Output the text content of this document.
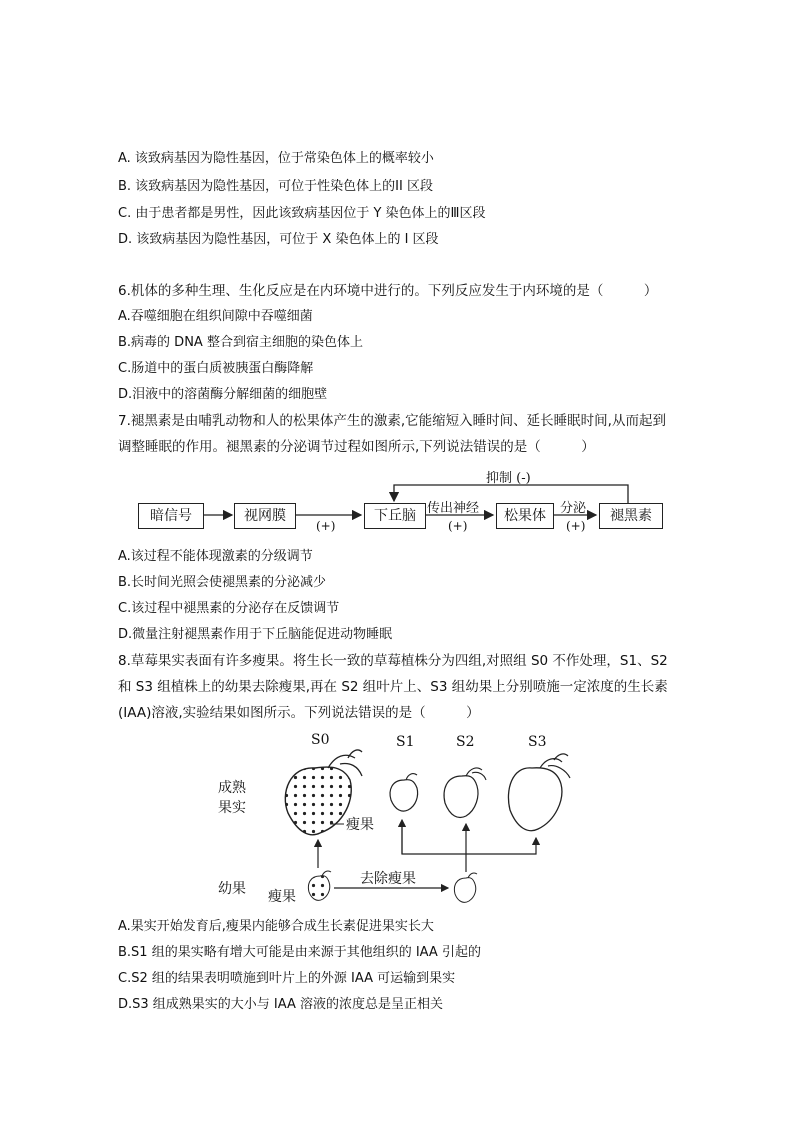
A. 该致病基因为隐性基因，位于常染色体上的概率较小
B. 该致病基因为隐性基因，可位于性染色体上的II 区段
C. 由于患者都是男性，因此该致病基因位于 Y 染色体上的Ⅲ区段
D. 该致病基因为隐性基因，可位于 X 染色体上的 I 区段
6.机体的多种生理、生化反应是在内环境中进行的。下列反应发生于内环境的是（　　　）
A.吞噬细胞在组织间隙中吞噬细菌
B.病毒的 DNA 整合到宿主细胞的染色体上
C.肠道中的蛋白质被胰蛋白酶降解
D.泪液中的溶菌酶分解细菌的细胞壁
7.褪黑素是由哺乳动物和人的松果体产生的激素,它能缩短入睡时间、延长睡眠时间,从而起到调整睡眠的作用。褪黑素的分泌调节过程如图所示,下列说法错误的是（　　　）
暗信号	视网膜	下丘脑	松果体	褪黑素
抑制 (-)
传出神经	分泌
(+)	(+)	(+)
A.该过程不能体现激素的分级调节
B.长时间光照会使褪黑素的分泌减少
C.该过程中褪黑素的分泌存在反馈调节
D.微量注射褪黑素作用于下丘脑能促进动物睡眠
8.草莓果实表面有许多瘦果。将生长一致的草莓植株分为四组,对照组 S0 不作处理，S1、S2 和 S3 组植株上的幼果去除瘦果,再在 S2 组叶片上、S3 组幼果上分别喷施一定浓度的生长素(IAA)溶液,实验结果如图所示。下列说法错误的是（　　　）
S0	S1	S2	S3
成熟
果实
瘦果
幼果 瘦果
去除瘦果
A.果实开始发育后,瘦果内能够合成生长素促进果实长大
B.S1 组的果实略有增大可能是由来源于其他组织的 IAA 引起的
C.S2 组的结果表明喷施到叶片上的外源 IAA 可运输到果实
D.S3 组成熟果实的大小与 IAA 溶液的浓度总是呈正相关
